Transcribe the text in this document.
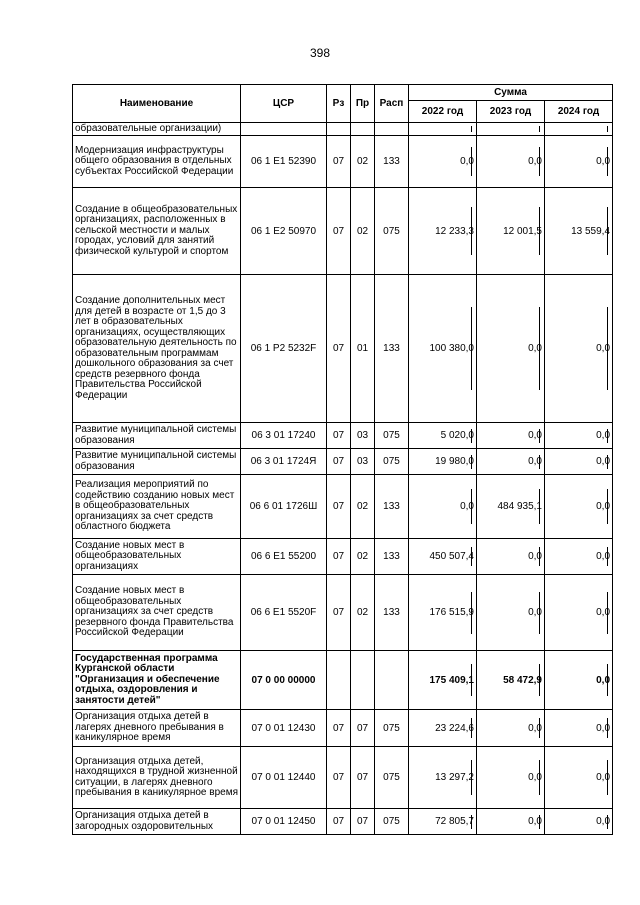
398
Наименование	ЦСР	Рз	Пр	Расп	Сумма		
					2022 год	2023 год	2024 год
образовательные организации)							
Модернизация инфраструктуры общего образования в отдельных субъектах Российской Федерации	06 1 E1 52390	07	02	133	0,0	0,0	0,0
Создание в общеобразовательных организациях, расположенных в сельской местности и малых городах, условий для занятий физической культурой и спортом	06 1 E2 50970	07	02	075	12 233,3	12 001,5	13 559,4
Создание дополнительных мест для детей в возрасте от 1,5 до 3 лет в образовательных организациях, осуществляющих образовательную деятельность по образовательным программам дошкольного образования за счет средств резервного фонда Правительства Российской Федерации	06 1 P2 5232F	07	01	133	100 380,0	0,0	0,0
Развитие муниципальной системы образования	06 3 01 17240	07	03	075	5 020,0	0,0	0,0
Развитие муниципальной системы образования	06 3 01 1724Я	07	03	075	19 980,0	0,0	0,0
Реализация мероприятий по содействию созданию новых мест в общеобразовательных организациях за счет средств областного бюджета	06 6 01 1726Ш	07	02	133	0,0	484 935,1	0,0
Создание новых мест в общеобразовательных организациях	06 6 E1 55200	07	02	133	450 507,4	0,0	0,0
Создание новых мест в общеобразовательных организациях за счет средств резервного фонда Правительства Российской Федерации	06 6 E1 5520F	07	02	133	176 515,9	0,0	0,0
Государственная программа Курганской области "Организация и обеспечение отдыха, оздоровления и занятости детей"	07 0 00 00000				175 409,1	58 472,9	0,0
Организация отдыха детей в лагерях дневного пребывания в каникулярное время	07 0 01 12430	07	07	075	23 224,6	0,0	0,0
Организация отдыха детей, находящихся в трудной жизненной ситуации, в лагерях дневного пребывания в каникулярное время	07 0 01 12440	07	07	075	13 297,2	0,0	0,0
Организация отдыха детей в загородных оздоровительных	07 0 01 12450	07	07	075	72 805,7	0,0	0,0
